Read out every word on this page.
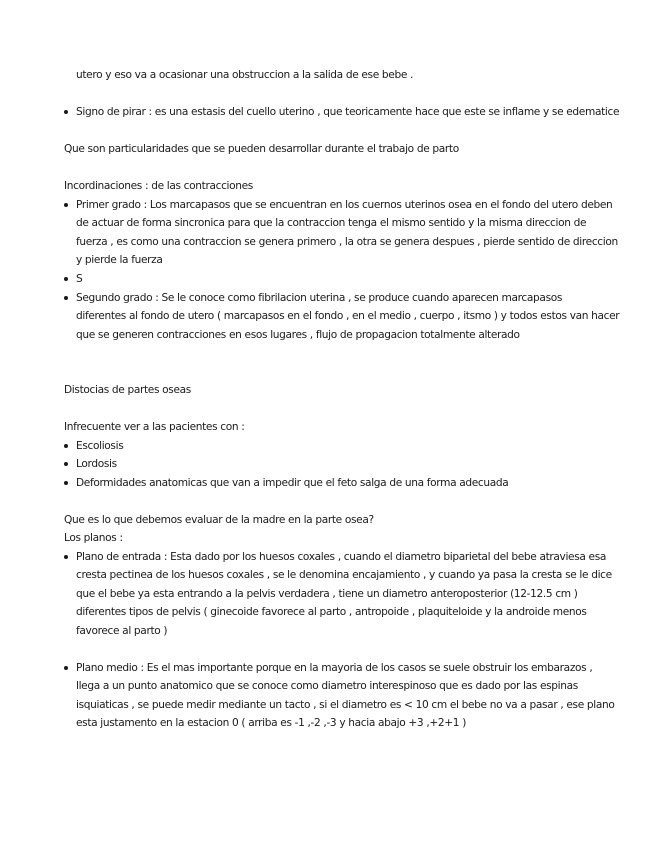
utero y eso va a ocasionar una obstruccion a la salida de ese bebe .
Signo de pirar : es una estasis del cuello uterino , que teoricamente hace que este se inflame y se edematice
Que son particularidades que se pueden desarrollar durante el trabajo de parto
Incordinaciones : de las contracciones
Primer grado : Los marcapasos que se encuentran en los cuernos uterinos osea en el fondo del utero deben
de actuar de forma sincronica para que la contraccion tenga el mismo sentido y la misma direccion de
fuerza , es como una contraccion se genera primero , la otra se genera despues , pierde sentido de direccion
y pierde la fuerza
S
Segundo grado : Se le conoce como fibrilacion uterina , se produce cuando aparecen marcapasos
diferentes al fondo de utero ( marcapasos en el fondo , en el medio , cuerpo , itsmo ) y todos estos van hacer
que se generen contracciones en esos lugares , flujo de propagacion totalmente alterado
Distocias de partes oseas
Infrecuente ver a las pacientes con :
Escoliosis
Lordosis
Deformidades anatomicas que van a impedir que el feto salga de una forma adecuada
Que es lo que debemos evaluar de la madre en la parte osea?
Los planos :
Plano de entrada : Esta dado por los huesos coxales , cuando el diametro biparietal del bebe atraviesa esa
cresta pectinea de los huesos coxales , se le denomina encajamiento , y cuando ya pasa la cresta se le dice
que el bebe ya esta entrando a la pelvis verdadera , tiene un diametro anteroposterior (12-12.5 cm )
diferentes tipos de pelvis ( ginecoide favorece al parto , antropoide , plaquiteloide y la androide menos
favorece al parto )
Plano medio : Es el mas importante porque en la mayoria de los casos se suele obstruir los embarazos ,
llega a un punto anatomico que se conoce como diametro interespinoso que es dado por las espinas
isquiaticas , se puede medir mediante un tacto , si el diametro es < 10 cm el bebe no va a pasar , ese plano
esta justamento en la estacion 0 ( arriba es -1 ,-2 ,-3 y hacia abajo +3 ,+2+1 )
